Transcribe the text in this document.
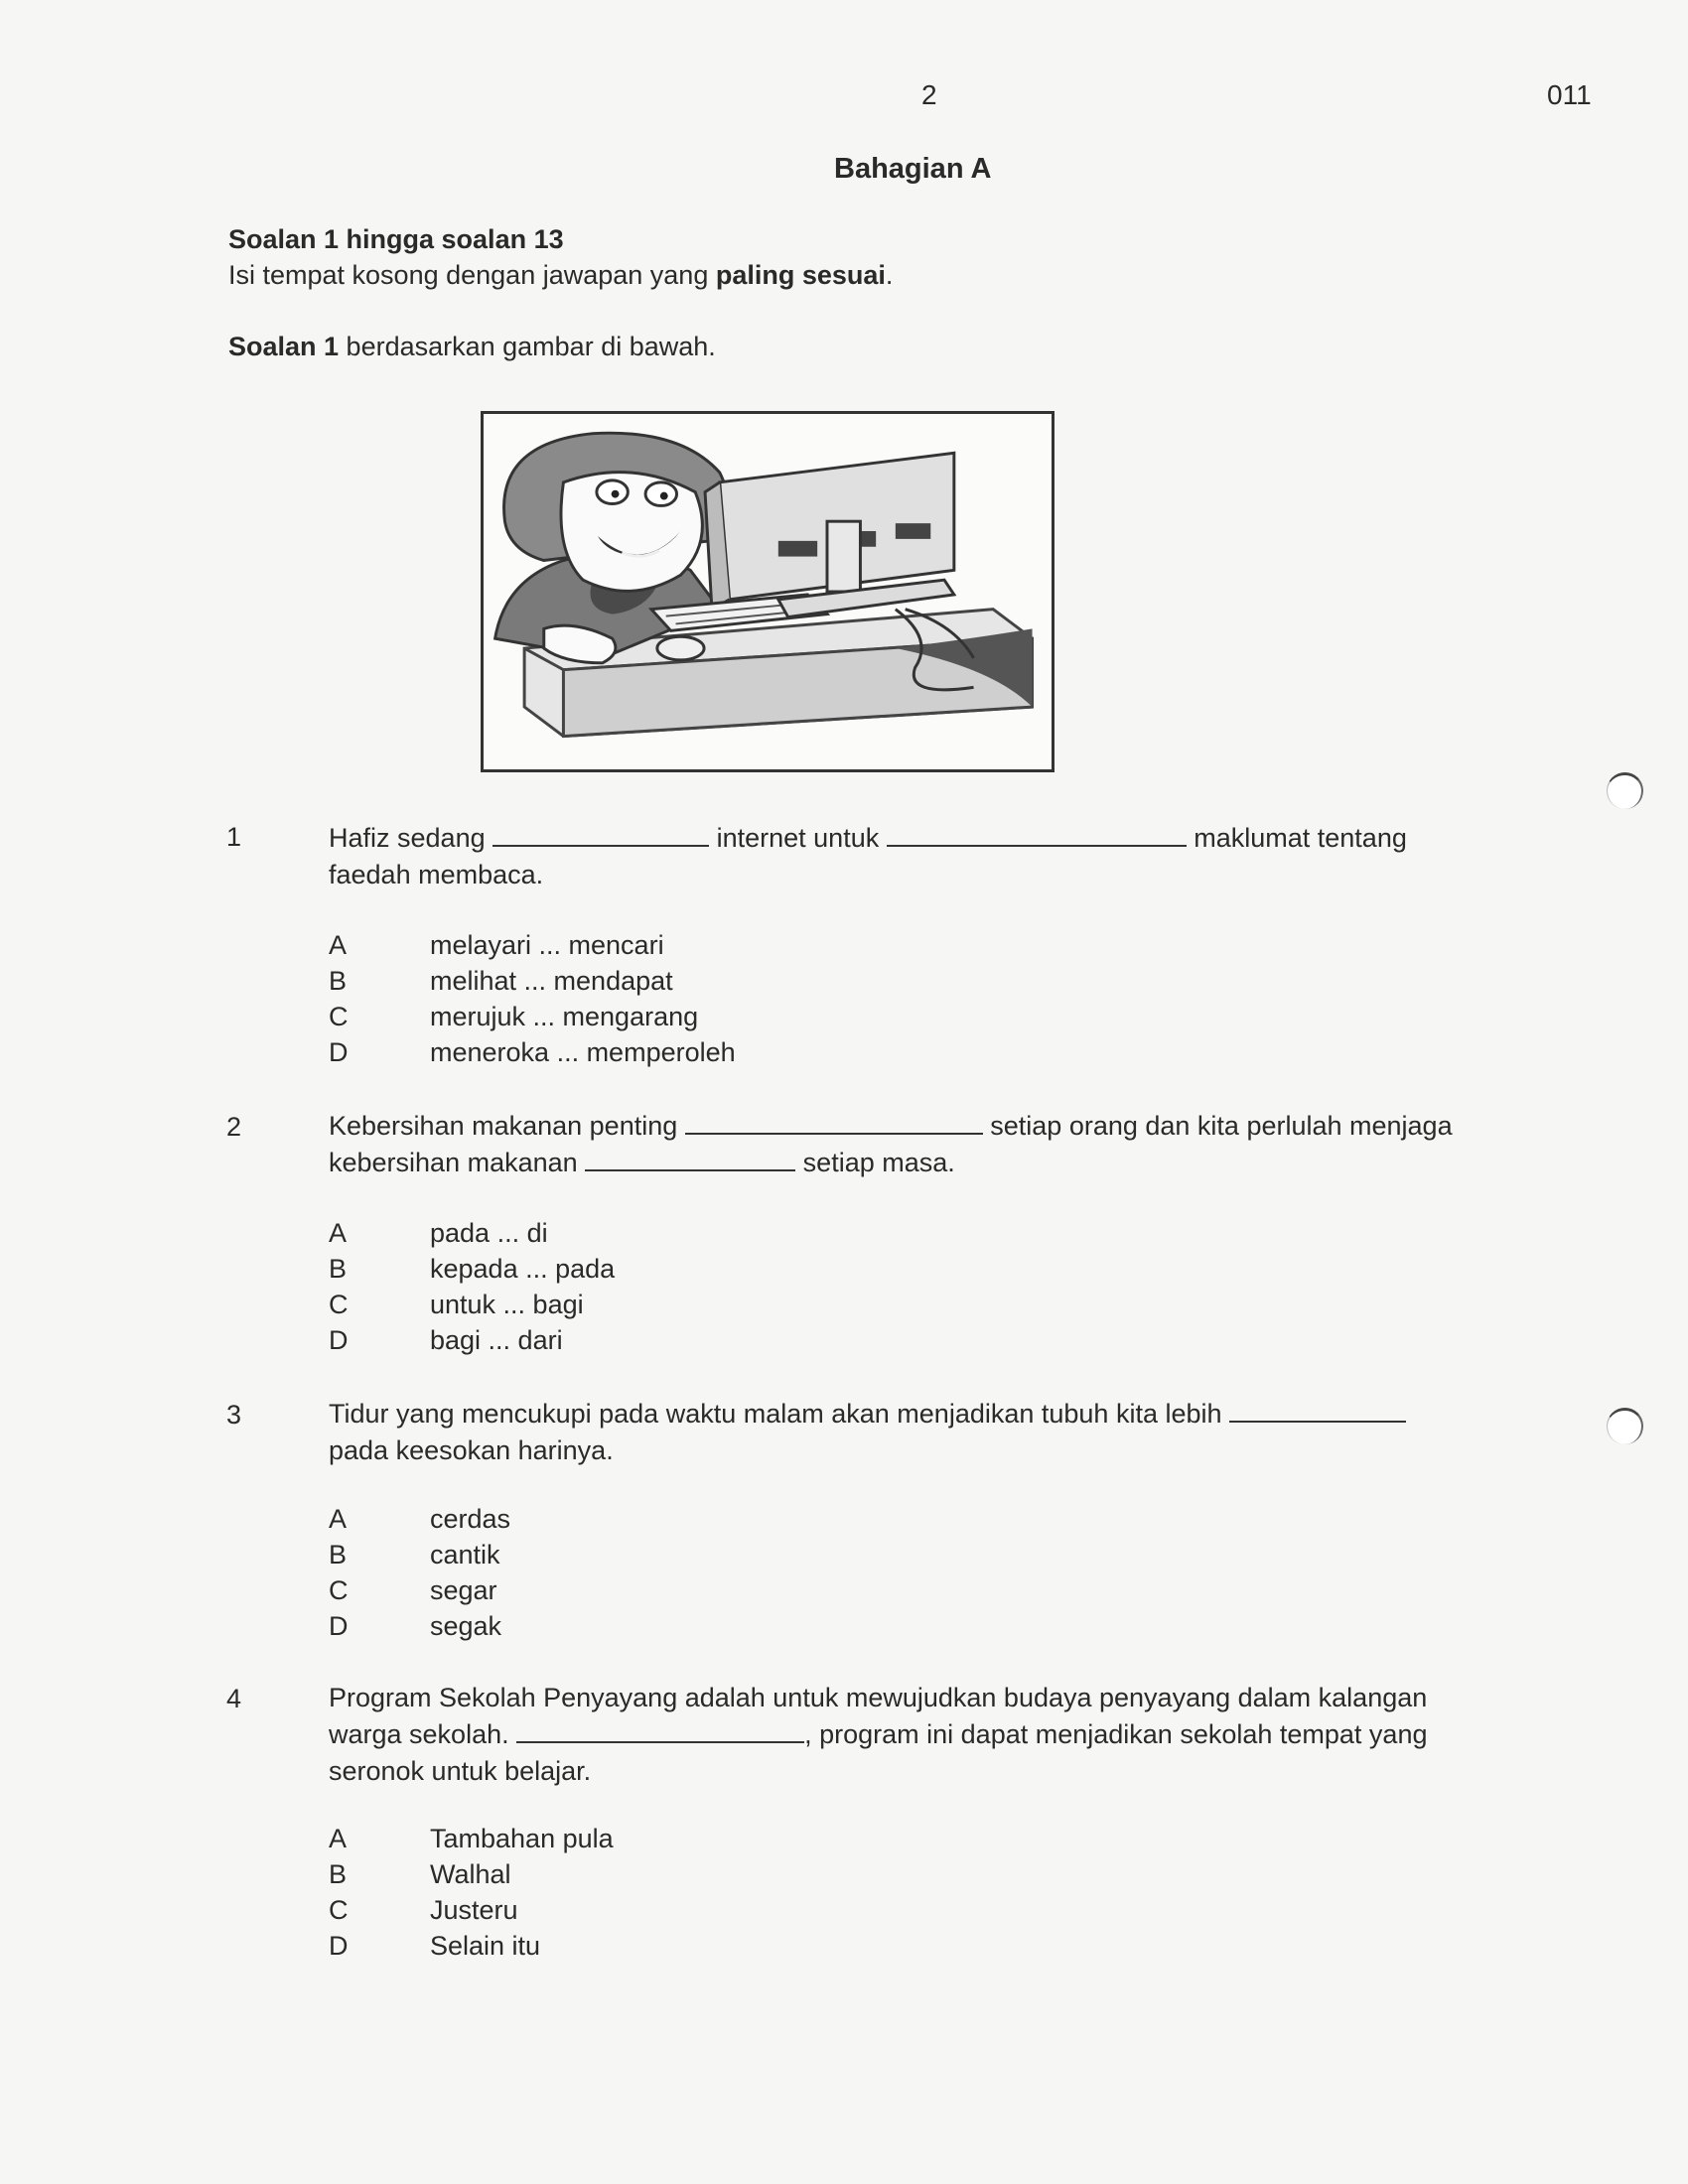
2	011
Bahagian A
Soalan 1 hingga soalan 13
Isi tempat kosong dengan jawapan yang paling sesuai.
Soalan 1 berdasarkan gambar di bawah.
1	Hafiz sedang	internet untuk	maklumat tentang
faedah membaca.
A	melayari ... mencari
B	melihat ... mendapat
C	merujuk ... mengarang
D	meneroka ... memperoleh
2	Kebersihan makanan penting	setiap orang dan kita perlulah menjaga
kebersihan makanan	setiap masa.
A	pada ... di
B	kepada ... pada
C	untuk ... bagi
D	bagi ... dari
3	Tidur yang mencukupi pada waktu malam akan menjadikan tubuh kita lebih
pada keesokan harinya.
A	cerdas
B	cantik
C	segar
D	segak
4	Program Sekolah Penyayang adalah untuk mewujudkan budaya penyayang dalam kalangan
warga sekolah.	, program ini dapat menjadikan sekolah tempat yang
seronok untuk belajar.
A	Tambahan pula
B	Walhal
C	Justeru
D	Selain itu
